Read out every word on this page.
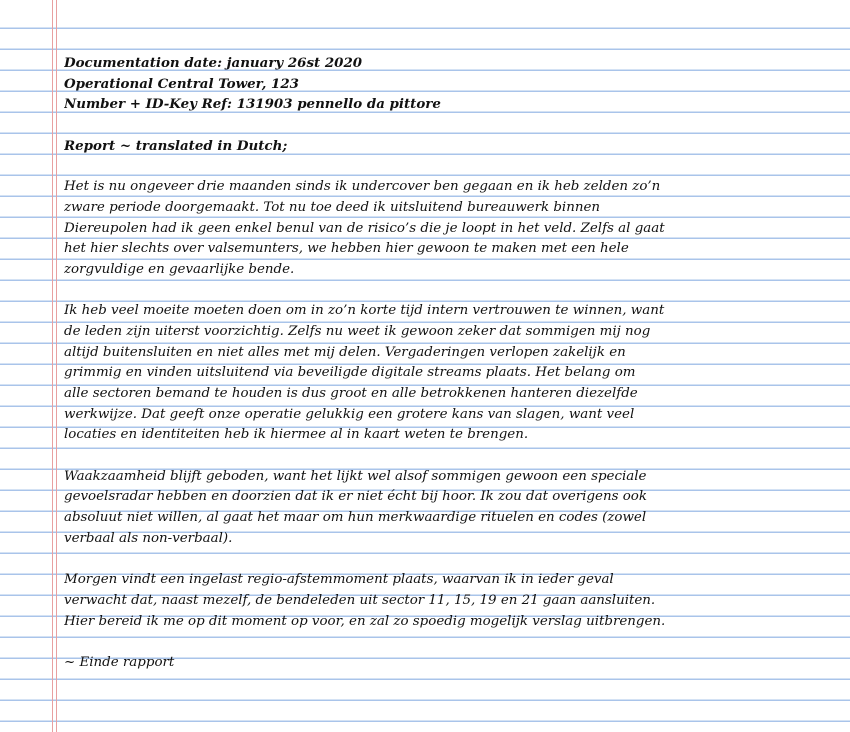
Documentation date: january 26st 2020
Operational Central Tower, 123
Number + ID-Key Ref: 131903 pennello da pittore
Report ~ translated in Dutch;
Het is nu ongeveer drie maanden sinds ik undercover ben gegaan en ik heb zelden zo’n
zware periode doorgemaakt. Tot nu toe deed ik uitsluitend bureauwerk binnen
Diereupolen had ik geen enkel benul van de risico’s die je loopt in het veld. Zelfs al gaat
het hier slechts over valsemunters, we hebben hier gewoon te maken met een hele
zorgvuldige en gevaarlijke bende.
Ik heb veel moeite moeten doen om in zo’n korte tijd intern vertrouwen te winnen, want
de leden zijn uiterst voorzichtig. Zelfs nu weet ik gewoon zeker dat sommigen mij nog
altijd buitensluiten en niet alles met mij delen. Vergaderingen verlopen zakelijk en
grimmig en vinden uitsluitend via beveiligde digitale streams plaats. Het belang om
alle sectoren bemand te houden is dus groot en alle betrokkenen hanteren diezelfde
werkwijze. Dat geeft onze operatie gelukkig een grotere kans van slagen, want veel
locaties en identiteiten heb ik hiermee al in kaart weten te brengen.
Waakzaamheid blijft geboden, want het lijkt wel alsof sommigen gewoon een speciale
gevoelsradar hebben en doorzien dat ik er niet écht bij hoor. Ik zou dat overigens ook
absoluut niet willen, al gaat het maar om hun merkwaardige rituelen en codes (zowel
verbaal als non-verbaal).
Morgen vindt een ingelast regio-afstemmoment plaats, waarvan ik in ieder geval
verwacht dat, naast mezelf, de bendeleden uit sector 11, 15, 19 en 21 gaan aansluiten.
Hier bereid ik me op dit moment op voor, en zal zo spoedig mogelijk verslag uitbrengen.
~ Einde rapport
